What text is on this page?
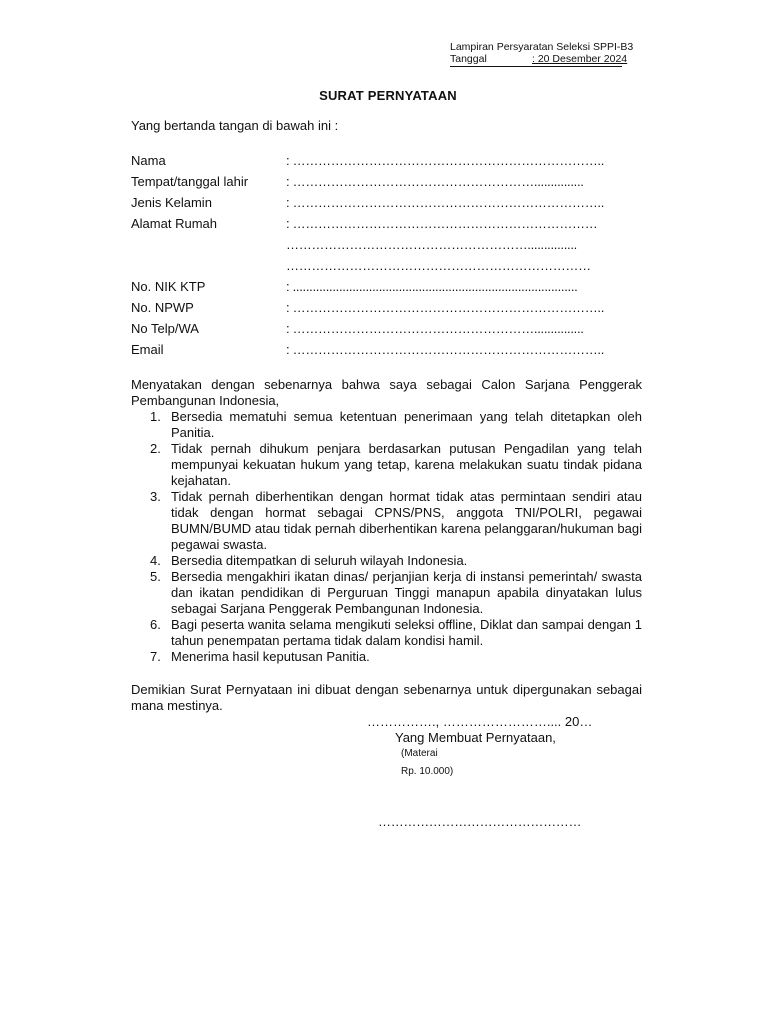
Lampiran Persyaratan Seleksi SPPI-B3
Tanggal	: 20 Desember 2024
SURAT PERNYATAAN
Yang bertanda tangan di bawah ini :
Nama	: ………………………………………………………………..
Tempat/tanggal lahir	: …………………………………………………...............
Jenis Kelamin	: ………………………………………………………………..
Alamat Rumah	: ………………………………………………………………
…………………………………………………...............
………………………………………………………………
No. NIK KTP	: ......................................................................................
No. NPWP	: ………………………………………………………………..
No Telp/WA	: …………………………………………………...............
Email	: ………………………………………………………………..

Menyatakan dengan sebenarnya bahwa saya sebagai Calon Sarjana Penggerak Pembangunan Indonesia,

1. Bersedia mematuhi semua ketentuan penerimaan yang telah ditetapkan oleh Panitia.
2. Tidak pernah dihukum penjara berdasarkan putusan Pengadilan yang telah mempunyai kekuatan hukum yang tetap, karena melakukan suatu tindak pidana kejahatan.
3. Tidak pernah diberhentikan dengan hormat tidak atas permintaan sendiri atau tidak dengan hormat sebagai CPNS/PNS, anggota TNI/POLRI, pegawai BUMN/BUMD atau tidak pernah diberhentikan karena pelanggaran/hukuman bagi pegawai swasta.
4. Bersedia ditempatkan di seluruh wilayah Indonesia.
5. Bersedia mengakhiri ikatan dinas/ perjanjian kerja di instansi pemerintah/ swasta dan ikatan pendidikan di Perguruan Tinggi manapun apabila dinyatakan lulus sebagai Sarjana Penggerak Pembangunan Indonesia.
6. Bagi peserta wanita selama mengikuti seleksi offline, Diklat dan sampai dengan 1 tahun penempatan pertama tidak dalam kondisi hamil.
7. Menerima hasil keputusan Panitia.

Demikian Surat Pernyataan ini dibuat dengan sebenarnya untuk dipergunakan sebagai mana mestinya.

……………., …………………….... 20…
Yang Membuat Pernyataan,
(Materai
Rp. 10.000)
…………………………………………
